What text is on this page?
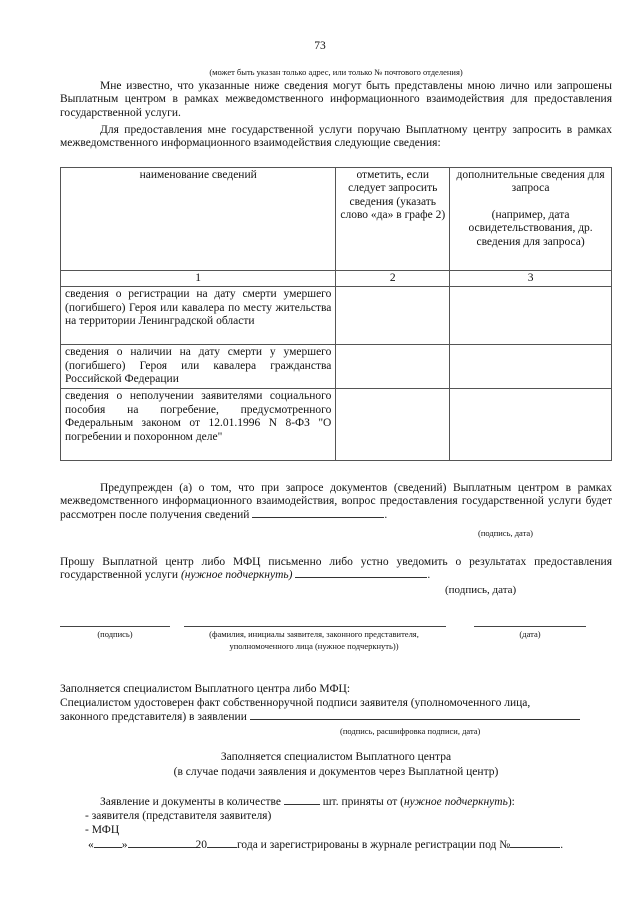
73
(может быть указан только адрес, или только № почтового отделения)
Мне известно, что указанные ниже сведения могут быть представлены мною лично или запрошены Выплатным центром в рамках межведомственного информационного взаимодействия для предоставления государственной услуги.
Для предоставления мне государственной услуги поручаю Выплатному центру запросить в рамках межведомственного информационного взаимодействия следующие сведения:
наименование сведений	отметить, если следует запросить сведения (указать слово «да» в графе 2)	дополнительные сведения для запроса
(например, дата освидетельствования, др. сведения для запроса)

1	2	3
сведения о регистрации на дату смерти умершего (погибшего) Героя или кавалера по месту жительства на территории Ленинградской области		
сведения о наличии на дату смерти у умершего (погибшего) Героя или кавалера гражданства Российской Федерации		
сведения о неполучении заявителями социального пособия на погребение, предусмотренного Федеральным законом от 12.01.1996 N 8-ФЗ "О погребении и похоронном деле"		
Предупрежден (а) о том, что при запросе документов (сведений) Выплатным центром в рамках межведомственного информационного взаимодействия, вопрос предоставления государственной услуги будет рассмотрен после получения сведений	.
(подпись, дата)
Прошу Выплатной центр либо МФЦ письменно либо устно уведомить о результатах предоставления государственной услуги (нужное подчеркнуть)	.
(подпись, дата)
(подпись)	(фамилия, инициалы заявителя, законного представителя,
уполномоченного лица (нужное подчеркнуть))
(дата)
Заполняется специалистом Выплатного центра либо МФЦ:
Специалистом удостоверен факт собственноручной подписи заявителя (уполномоченного лица,
законного представителя) в заявлении
(подпись, расшифровка подписи, дата)
Заполняется специалистом Выплатного центра
(в случае подачи заявления и документов через Выплатной центр)
Заявление и документы в количестве	шт. приняты от (нужное подчеркнуть):
- заявителя (представителя заявителя)
- МФЦ
« »	20	года и зарегистрированы в журнале регистрации под №	.
